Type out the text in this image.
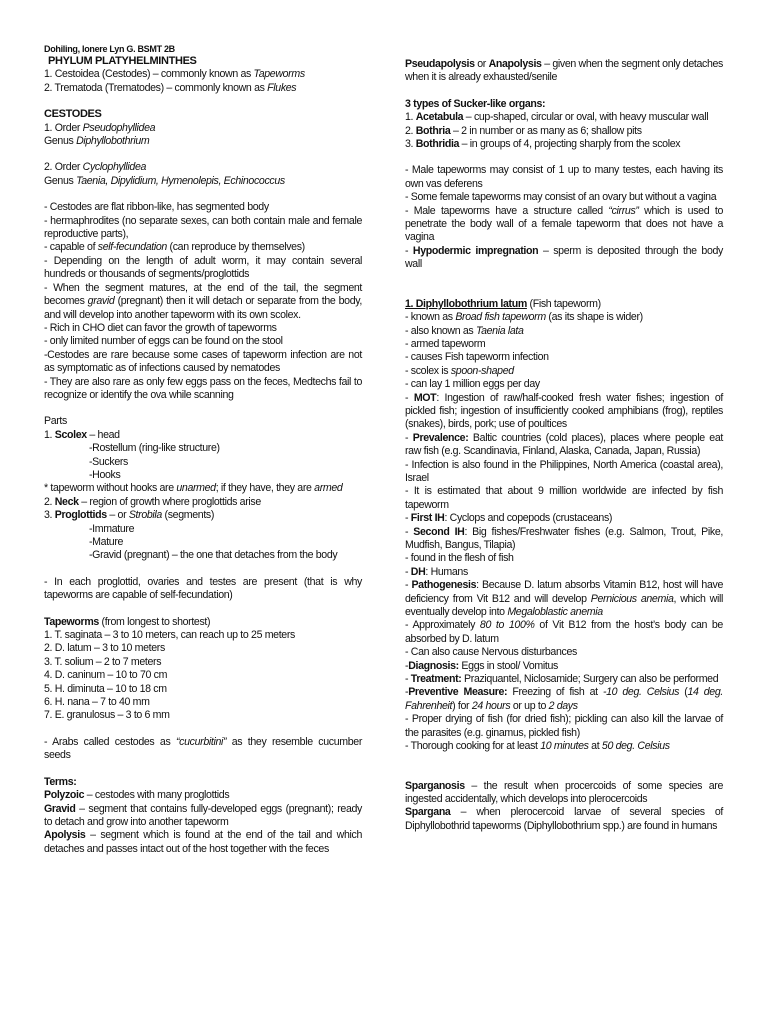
Dohiling, Ionere Lyn G. BSMT 2B
PHYLUM PLATYHELMINTHES

1. Cestoidea (Cestodes) – commonly known as Tapeworms

2. Trematoda (Trematodes) – commonly known as Flukes

CESTODES

1. Order Pseudophyllidea

Genus Diphyllobothrium

2. Order Cyclophyllidea

Genus Taenia, Dipylidium, Hymenolepis, Echinococcus

- Cestodes are flat ribbon-like, has segmented body

- hermaphrodites (no separate sexes, can both contain male and female reproductive parts),

- capable of self-fecundation (can reproduce by themselves)

- Depending on the length of adult worm, it may contain several hundreds or thousands of segments/proglottids

- When the segment matures, at the end of the tail, the segment becomes gravid (pregnant) then it will detach or separate from the body, and will develop into another tapeworm with its own scolex.

- Rich in CHO diet can favor the growth of tapeworms

- only limited number of eggs can be found on the stool

-Cestodes are rare because some cases of tapeworm infection are not as symptomatic as of infections caused by nematodes

- They are also rare as only few eggs pass on the feces, Medtechs fail to recognize or identify the ova while scanning

Parts

1. Scolex – head

-Rostellum (ring-like structure)

-Suckers

-Hooks

* tapeworm without hooks are unarmed; if they have, they are armed

2. Neck – region of growth where proglottids arise

3. Proglottids – or Strobila (segments)

-Immature

-Mature

-Gravid (pregnant) – the one that detaches from the body

- In each proglottid, ovaries and testes are present (that is why tapeworms are capable of self-fecundation)

Tapeworms (from longest to shortest)

1. T. saginata – 3 to 10 meters, can reach up to 25 meters

2. D. latum – 3 to 10 meters

3. T. solium – 2 to 7 meters

4. D. caninum – 10 to 70 cm

5. H. diminuta – 10 to 18 cm

6. H. nana – 7 to 40 mm

7. E. granulosus – 3 to 6 mm

- Arabs called cestodes as “cucurbitini” as they resemble cucumber seeds

Terms:

Polyzoic – cestodes with many proglottids

Gravid – segment that contains fully-developed eggs (pregnant); ready to detach and grow into another tapeworm

Apolysis – segment which is found at the end of the tail and which detaches and passes intact out of the host together with the feces

Pseudapolysis or Anapolysis – given when the segment only detaches when it is already exhausted/senile

3 types of Sucker-like organs:

1. Acetabula – cup-shaped, circular or oval, with heavy muscular wall

2. Bothria – 2 in number or as many as 6; shallow pits

3. Bothridia – in groups of 4, projecting sharply from the scolex

- Male tapeworms may consist of 1 up to many testes, each having its own vas deferens

- Some female tapeworms may consist of an ovary but without a vagina

- Male tapeworms have a structure called “cirrus” which is used to penetrate the body wall of a female tapeworm that does not have a vagina

- Hypodermic impregnation – sperm is deposited through the body wall

1. Diphyllobothrium latum (Fish tapeworm)

- known as Broad fish tapeworm (as its shape is wider)

- also known as Taenia lata

- armed tapeworm

- causes Fish tapeworm infection

- scolex is spoon-shaped

- can lay 1 million eggs per day

- MOT: Ingestion of raw/half-cooked fresh water fishes; ingestion of pickled fish; ingestion of insufficiently cooked amphibians (frog), reptiles (snakes), birds, pork; use of poultices

- Prevalence: Baltic countries (cold places), places where people eat raw fish (e.g. Scandinavia, Finland, Alaska, Canada, Japan, Russia)

- Infection is also found in the Philippines, North America (coastal area), Israel

- It is estimated that about 9 million worldwide are infected by fish tapeworm

- First IH: Cyclops and copepods (crustaceans)

- Second IH: Big fishes/Freshwater fishes (e.g. Salmon, Trout, Pike, Mudfish, Bangus, Tilapia)

- found in the flesh of fish

- DH: Humans

- Pathogenesis: Because D. latum absorbs Vitamin B12, host will have deficiency from Vit B12 and will develop Pernicious anemia, which will eventually develop into Megaloblastic anemia

- Approximately 80 to 100% of Vit B12 from the host’s body can be absorbed by D. latum

- Can also cause Nervous disturbances

-Diagnosis: Eggs in stool/ Vomitus

- Treatment: Praziquantel, Niclosamide; Surgery can also be performed

-Preventive Measure: Freezing of fish at -10 deg. Celsius (14 deg. Fahrenheit) for 24 hours or up to 2 days

- Proper drying of fish (for dried fish); pickling can also kill the larvae of the parasites (e.g. ginamus, pickled fish)

- Thorough cooking for at least 10 minutes at 50 deg. Celsius

Sparganosis – the result when procercoids of some species are ingested accidentally, which develops into plerocercoids

Spargana – when plerocercoid larvae of several species of Diphyllobothrid tapeworms (Diphyllobothrium spp.) are found in humans
